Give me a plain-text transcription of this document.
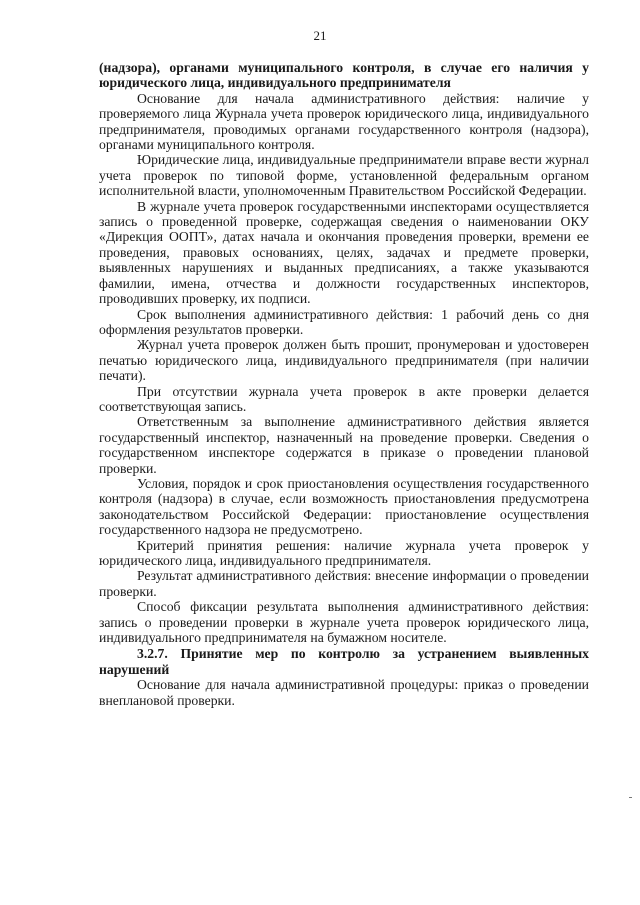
21

(надзора), органами муниципального контроля, в случае его наличия у юридического лица, индивидуального предпринимателя

Основание для начала административного действия: наличие у проверяемого лица Журнала учета проверок юридического лица, индивидуального предпринимателя, проводимых органами государственного контроля (надзора), органами муниципального контроля.

Юридические лица, индивидуальные предприниматели вправе вести журнал учета проверок по типовой форме, установленной федеральным органом исполнительной власти, уполномоченным Правительством Российской Федерации.

В журнале учета проверок государственными инспекторами осуществляется запись о проведенной проверке, содержащая сведения о наименовании ОКУ «Дирекция ООПТ», датах начала и окончания проведения проверки, времени ее проведения, правовых основаниях, целях, задачах и предмете проверки, выявленных нарушениях и выданных предписаниях, а также указываются фамилии, имена, отчества и должности государственных инспекторов, проводивших проверку, их подписи.

Срок выполнения административного действия: 1 рабочий день со дня оформления результатов проверки.

Журнал учета проверок должен быть прошит, пронумерован и удостоверен печатью юридического лица, индивидуального предпринимателя (при наличии печати).

При отсутствии журнала учета проверок в акте проверки делается соответствующая запись.

Ответственным за выполнение административного действия является государственный инспектор, назначенный на проведение проверки. Сведения о государственном инспекторе содержатся в приказе о проведении плановой проверки.

Условия, порядок и срок приостановления осуществления государственного контроля (надзора) в случае, если возможность приостановления предусмотрена законодательством Российской Федерации: приостановление осуществления государственного надзора не предусмотрено.

Критерий принятия решения: наличие журнала учета проверок у юридического лица, индивидуального предпринимателя.

Результат административного действия: внесение информации о проведении проверки.

Способ фиксации результата выполнения административного действия: запись о проведении проверки в журнале учета проверок юридического лица, индивидуального предпринимателя на бумажном носителе.

3.2.7. Принятие мер по контролю за устранением выявленных нарушений

Основание для начала административной процедуры: приказ о проведении внеплановой проверки.
